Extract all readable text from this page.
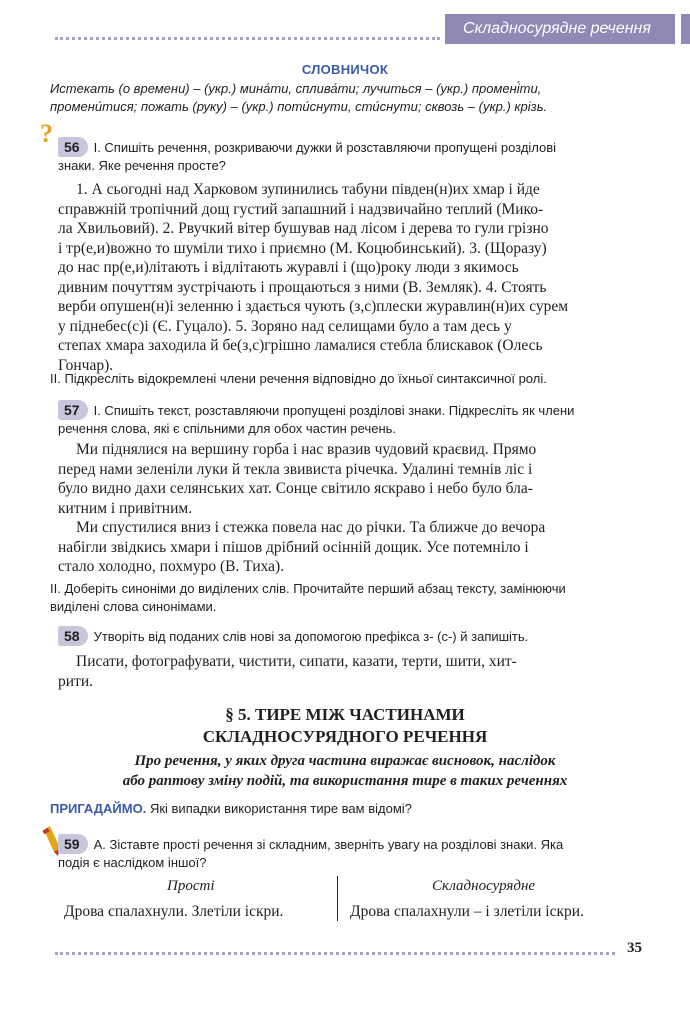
Складносурядне речення
СЛОВНИЧОК
Истекать (о времени) – (укр.) мина́ти, сплива́ти; лучиться – (укр.) промені́ти,
промени́тися; пожать (руку) – (укр.) поти́снути, сти́снути; сквозь – (укр.) крізь.
? 56 І. Спишіть речення, розкриваючи дужки й розставляючи пропущені розділові
знаки. Яке речення просте?
1. А сьогодні над Харковом зупинились табуни півден(н)их хмар і йде
справжній тропічний дощ густий запашний і надзвичайно теплий (Мико-
ла Хвильовий). 2. Рвучкий вітер бушував над лісом і дерева то гули грізно
і тр(е,и)вожно то шуміли тихо і приємно (М. Коцюбинський). 3. (Щоразу)
до нас пр(е,и)літають і відлітають журавлі і (що)року люди з якимось
дивним почуттям зустрічають і прощаються з ними (В. Земляк). 4. Стоять
верби опушен(н)і зеленню і здається чують (з,с)плески журавлин(н)их сурем
у піднебес(с)і (Є. Гуцало). 5. Зоряно над селищами було а там десь у
степах хмара заходила й бе(з,с)грішно ламалися стебла блискавок (Олесь
Гончар).
ІІ. Підкресліть відокремлені члени речення відповідно до їхньої синтаксичної ролі.
57 І. Спишіть текст, розставляючи пропущені розділові знаки. Підкресліть як члени
речення слова, які є спільними для обох частин речень.
Ми піднялися на вершину горба і нас вразив чудовий краєвид. Прямо
перед нами зеленіли луки й текла звивиста річечка. Удалині темнів ліс і
було видно дахи селянських хат. Сонце світило яскраво і небо було бла-
китним і привітним.
Ми спустилися вниз і стежка повела нас до річки. Та ближче до вечора
набігли звідкись хмари і пішов дрібний осінній дощик. Усе потемніло і
стало холодно, похмуро (В. Тиха).
ІІ. Доберіть синоніми до виділених слів. Прочитайте перший абзац тексту, замінюючи
виділені слова синонімами.
58 Утворіть від поданих слів нові за допомогою префікса з- (с-) й запишіть.
Писати, фотографувати, чистити, сипати, казати, терти, шити, хит-
рити.
§ 5. ТИРЕ МІЖ ЧАСТИНАМИ
СКЛАДНОСУРЯДНОГО РЕЧЕННЯ
Про речення, у яких друга частина виражає висновок, наслідок
або раптову зміну подій, та використання тире в таких реченнях
ПРИГАДАЙМО. Які випадки використання тире вам відомі?
59 А. Зіставте прості речення зі складним, зверніть увагу на розділові знаки. Яка
подія є наслідком іншої?
Прості	Складносурядне
Дрова спалахнули. Злетіли іскри.	Дрова спалахнули – і злетіли іскри.
35
